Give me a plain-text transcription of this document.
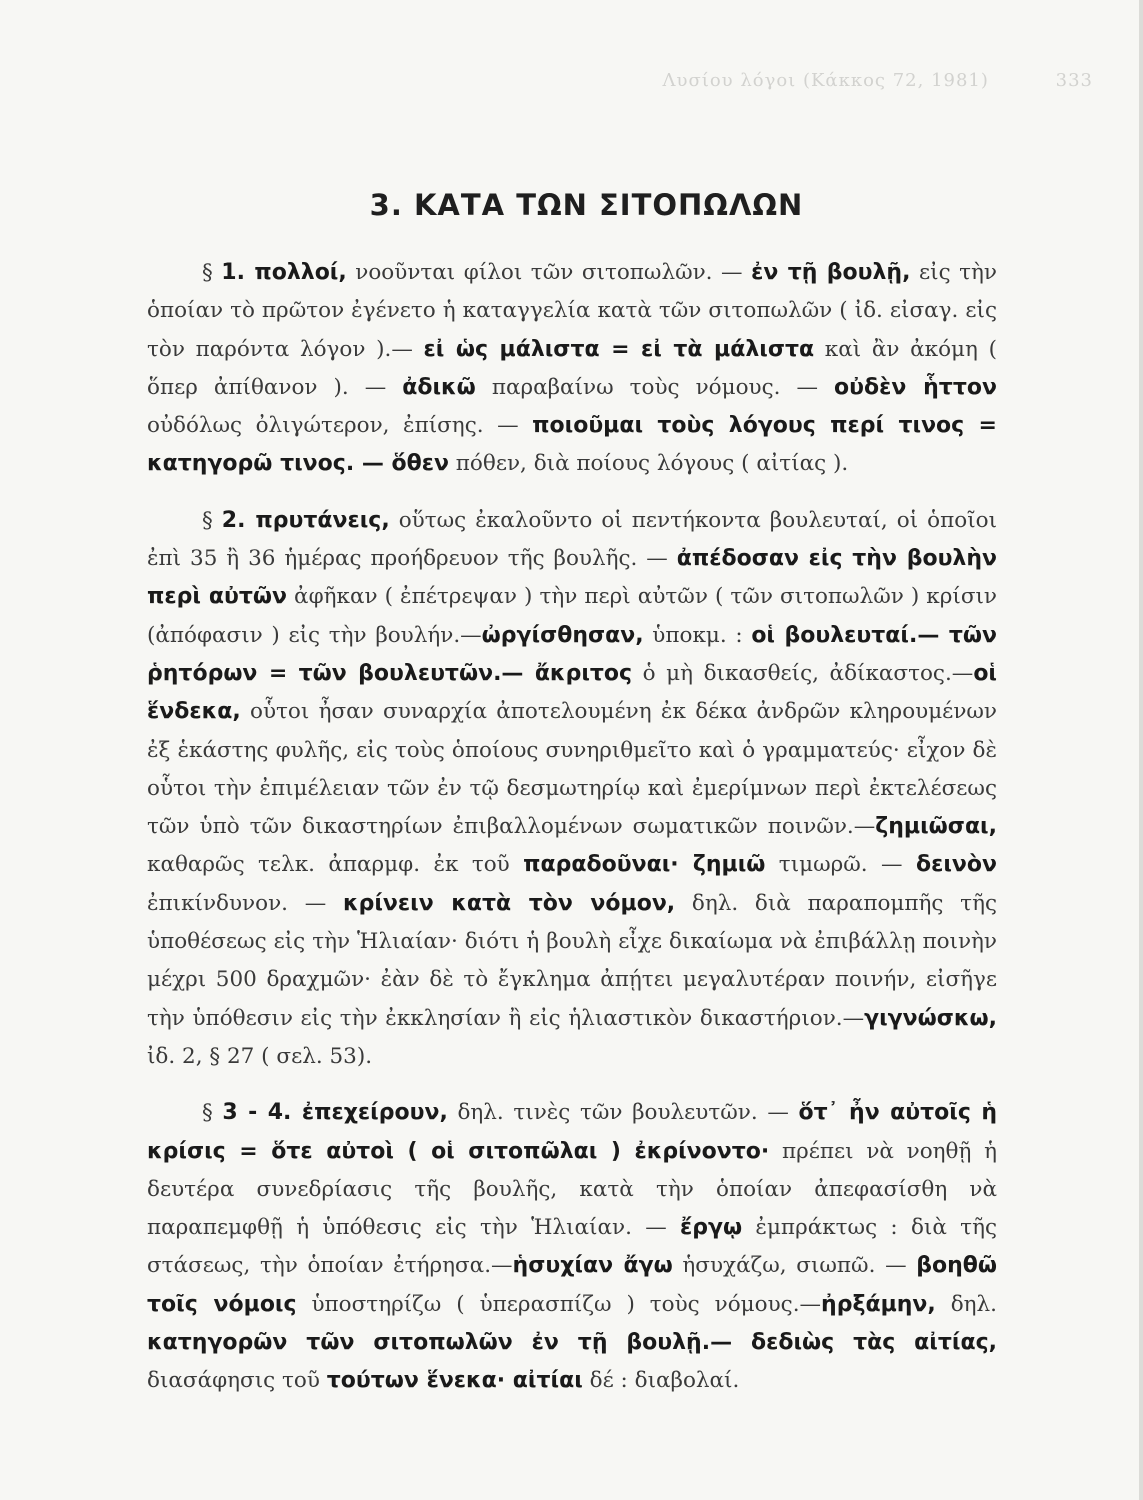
Λυσίου λόγοι (Κάκκος 72, 1981)	333
3. ΚΑΤΑ ΤΩΝ ΣΙΤΟΠΩΛΩΝ

§ 1. πολλοί, νοοῦνται φίλοι τῶν σιτοπωλῶν. — ἐν τῇ βουλῇ, εἰς τὴν ὁποίαν τὸ πρῶτον ἐγένετο ἡ καταγγελία κατὰ τῶν σιτοπωλῶν ( ἰδ. εἰσαγ. εἰς τὸν παρόντα λόγον ).— εἰ ὡς μάλιστα = εἰ τὰ μάλιστα καὶ ἂν ἀκόμη ( ὅπερ ἀπίθανον ). — ἀδικῶ παραβαίνω τοὺς νόμους. — οὐδὲν ἧττον οὐδόλως ὀλιγώτερον, ἐπίσης. — ποιοῦμαι τοὺς λόγους περί τινος = κατηγορῶ τινος. — ὅθεν πόθεν, διὰ ποίους λόγους ( αἰτίας ).

§ 2. πρυτάνεις, οὕτως ἐκαλοῦντο οἱ πεντήκοντα βουλευταί, οἱ ὁποῖοι ἐπὶ 35 ἢ 36 ἡμέρας προήδρευον τῆς βουλῆς. — ἀπέδοσαν εἰς τὴν βουλὴν περὶ αὐτῶν ἀφῆκαν ( ἐπέτρεψαν ) τὴν περὶ αὐτῶν ( τῶν σιτοπωλῶν ) κρίσιν (ἀπόφασιν ) εἰς τὴν βουλήν.—ὠργίσθησαν, ὑποκμ. : οἱ βουλευταί.— τῶν ῥητόρων = τῶν βουλευτῶν.— ἄκριτος ὁ μὴ δικασθείς, ἀδίκαστος.—οἱ ἕνδεκα, οὗτοι ἦσαν συναρχία ἀποτελουμένη ἐκ δέκα ἀνδρῶν κληρουμένων ἐξ ἑκάστης φυλῆς, εἰς τοὺς ὁποίους συνηριθμεῖτο καὶ ὁ γραμματεύς· εἶχον δὲ οὗτοι τὴν ἐπιμέλειαν τῶν ἐν τῷ δεσμωτηρίῳ καὶ ἐμερίμνων περὶ ἐκτελέσεως τῶν ὑπὸ τῶν δικαστηρίων ἐπιβαλλομένων σωματικῶν ποινῶν.—ζημιῶσαι, καθαρῶς τελκ. ἀπαρμφ. ἐκ τοῦ παραδοῦναι· ζημιῶ τιμωρῶ. — δεινὸν ἐπικίνδυνον. — κρίνειν κατὰ τὸν νόμον, δηλ. διὰ παραπομπῆς τῆς ὑποθέσεως εἰς τὴν Ἡλιαίαν· διότι ἡ βουλὴ εἶχε δικαίωμα νὰ ἐπιβάλλῃ ποινὴν μέχρι 500 δραχμῶν· ἐὰν δὲ τὸ ἔγκλημα ἀπῄτει μεγαλυτέραν ποινήν, εἰσῆγε τὴν ὑπόθεσιν εἰς τὴν ἐκκλησίαν ἢ εἰς ἡλιαστικὸν δικαστήριον.—γιγνώσκω, ἰδ. 2, § 27 ( σελ. 53).

§ 3 - 4. ἐπεχείρουν, δηλ. τινὲς τῶν βουλευτῶν. — ὅτ᾽ ἦν αὐτοῖς ἡ κρίσις = ὅτε αὐτοὶ ( οἱ σιτοπῶλαι ) ἐκρίνοντο· πρέπει νὰ νοηθῇ ἡ δευτέρα συνεδρίασις τῆς βουλῆς, κατὰ τὴν ὁποίαν ἀπεφασίσθη νὰ παραπεμφθῇ ἡ ὑπόθεσις εἰς τὴν Ἡλιαίαν. — ἔργῳ ἐμπράκτως : διὰ τῆς στάσεως, τὴν ὁποίαν ἐτήρησα.—ἡσυχίαν ἄγω ἡσυχάζω, σιωπῶ. — βοηθῶ τοῖς νόμοις ὑποστηρίζω ( ὑπερασπίζω ) τοὺς νόμους.—ἠρξάμην, δηλ. κατηγορῶν τῶν σιτοπωλῶν ἐν τῇ βουλῇ.— δεδιὼς τὰς αἰτίας, διασάφησις τοῦ τούτων ἕνεκα· αἰτίαι δέ : διαβολαί.
